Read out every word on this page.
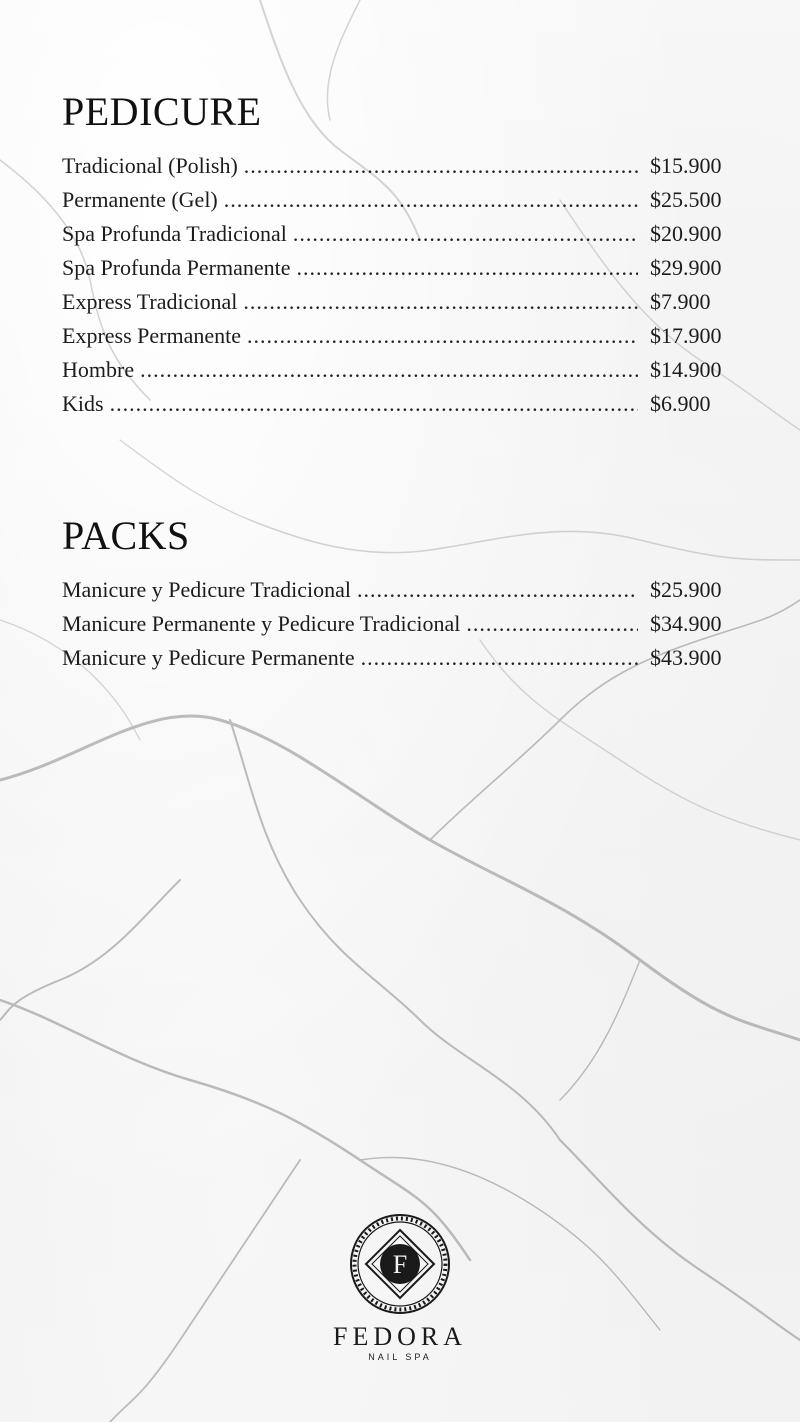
PEDICURE
Tradicional (Polish) .....	$15.900
Permanente (Gel) .....	$25.500
Spa Profunda Tradicional .....	$20.900
Spa Profunda Permanente .....	$29.900
Express Tradicional .....	$7.900
Express Permanente .....	$17.900
Hombre .....	$14.900
Kids .....	$6.900
PACKS
Manicure y Pedicure Tradicional .....	$25.900
Manicure Permanente y Pedicure Tradicional .....	$34.900
Manicure y Pedicure Permanente .....	$43.900
F
FEDORA
NAIL SPA
